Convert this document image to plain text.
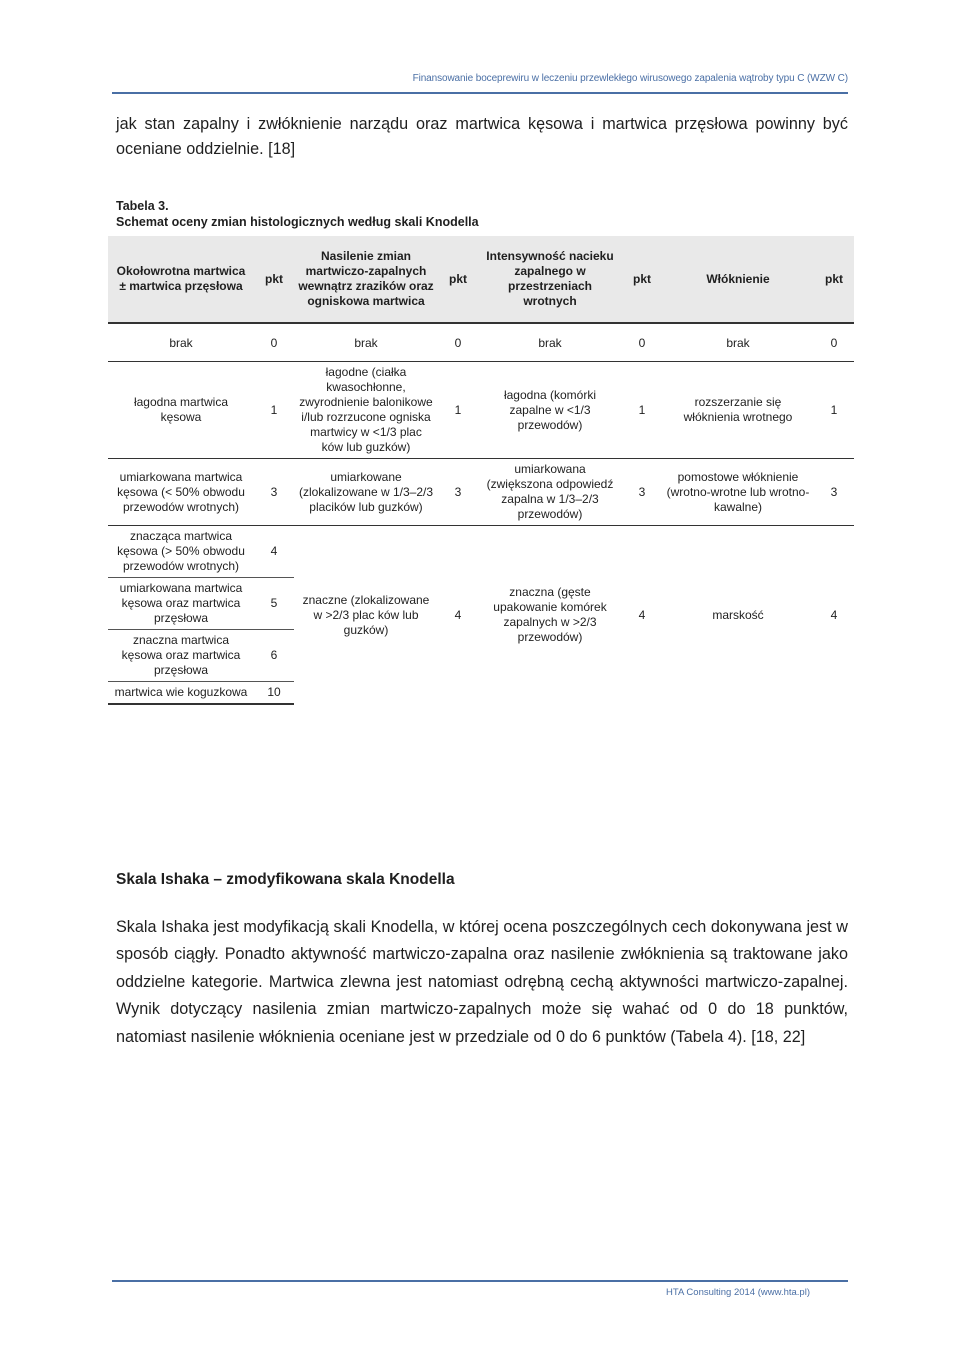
Finansowanie boceprewiru w leczeniu przewlekłego wirusowego zapalenia wątroby typu C (WZW C)

jak stan zapalny i zwłóknienie narządu oraz martwica kęsowa i martwica przęsłowa powinny być oceniane oddzielnie. [18]

Tabela 3.
Schemat oceny zmian histologicznych według skali Knodella
Okołowrotna martwica ± martwica przęsłowa	pkt	Nasilenie zmian martwiczo-zapalnych wewnątrz zrazików oraz ogniskowa martwica	pkt	Intensywność nacieku zapalnego w przestrzeniach wrotnych	pkt	Włóknienie	pkt
brak	0	brak	0	brak	0	brak	0
łagodna martwica kęsowa	1	łagodne (ciałka kwasochłonne, zwyrodnienie balonikowe i/lub rozrzucone ogniska martwicy w <1/3 plac ków lub guzków)	1	łagodna (komórki zapalne w <1/3 przewodów)	1	rozszerzanie się włóknienia wrotnego	1
umiarkowana martwica kęsowa (< 50% obwodu przewodów wrotnych)	3	umiarkowane (zlokalizowane w 1/3–2/3 placików lub guzków)	3	umiarkowana (zwiększona odpowiedź zapalna w 1/3–2/3 przewodów)	3	pomostowe włóknienie (wrotno-wrotne lub wrotno-kawalne)	3
znacząca martwica kęsowa (> 50% obwodu przewodów wrotnych)	4	znaczne (zlokalizowane w >2/3 plac ków lub guzków)	4	znaczna (gęste upakowanie komórek zapalnych w >2/3 przewodów)	4	marskość	4
umiarkowana martwica kęsowa oraz martwica przęsłowa	5						
znaczna martwica kęsowa oraz martwica przęsłowa	6						
martwica wie koguzkowa	10						
Skala Ishaka – zmodyfikowana skala Knodella

Skala Ishaka jest modyfikacją skali Knodella, w której ocena poszczególnych cech dokonywana jest w sposób ciągły. Ponadto aktywność martwiczo-zapalna oraz nasilenie zwłóknienia są traktowane jako oddzielne kategorie. Martwica zlewna jest natomiast odrębną cechą aktywności martwiczo-zapalnej. Wynik dotyczący nasilenia zmian martwiczo-zapalnych może się wahać od 0 do 18 punktów, natomiast nasilenie włóknienia oceniane jest w przedziale od 0 do 6 punktów (Tabela 4). [18, 22]

HTA Consulting 2014 (www.hta.pl)
